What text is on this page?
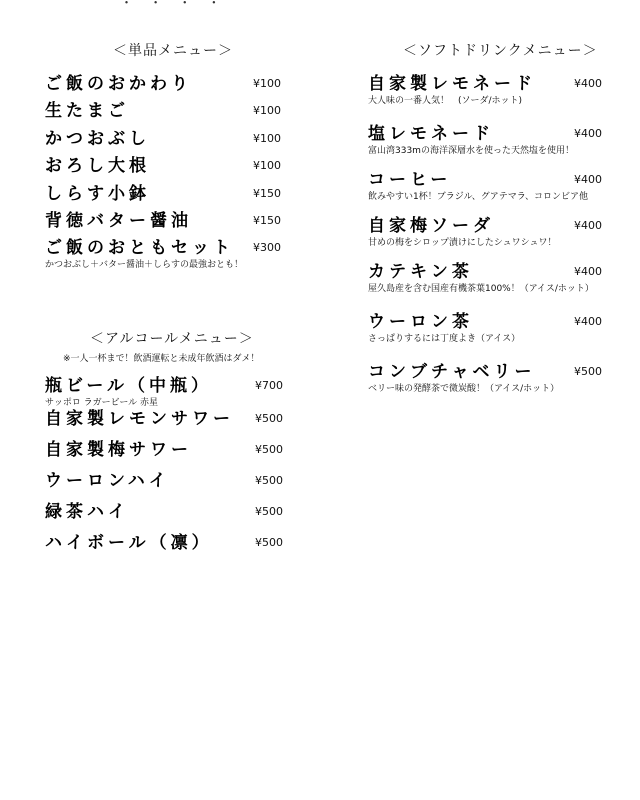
＜単品メニュー＞
ご飯のおかわり	¥100
生たまご	¥100
かつおぶし	¥100
おろし大根	¥100
しらす小鉢	¥150
背徳バター醤油	¥150
ご飯のおともセット	¥300
かつおぶし＋バター醤油＋しらすの最強おとも！
＜アルコールメニュー＞
※一人一杯まで！飲酒運転と未成年飲酒はダメ！
瓶ビール（中瓶）	¥700
サッポロ ラガービール 赤星
自家製レモンサワー	¥500
自家製梅サワー	¥500
ウーロンハイ	¥500
緑茶ハイ	¥500
ハイボール（凛）	¥500
＜ソフトドリンクメニュー＞
自家製レモネード	¥400
大人味の一番人気！　(ソーダ/ホット)
塩レモネード	¥400
富山湾333mの海洋深層水を使った天然塩を使用！
コーヒー	¥400
飲みやすい1杯！ブラジル、グアテマラ、コロンビア他
自家梅ソーダ	¥400
甘めの梅をシロップ漬けにしたシュワシュワ！
カテキン茶	¥400
屋久島産を含む国産有機茶葉100%！（アイス/ホット）
ウーロン茶	¥400
さっぱりするには丁度よき（アイス）
コンブチャベリー	¥500
ベリー味の発酵茶で微炭酸！（アイス/ホット）
